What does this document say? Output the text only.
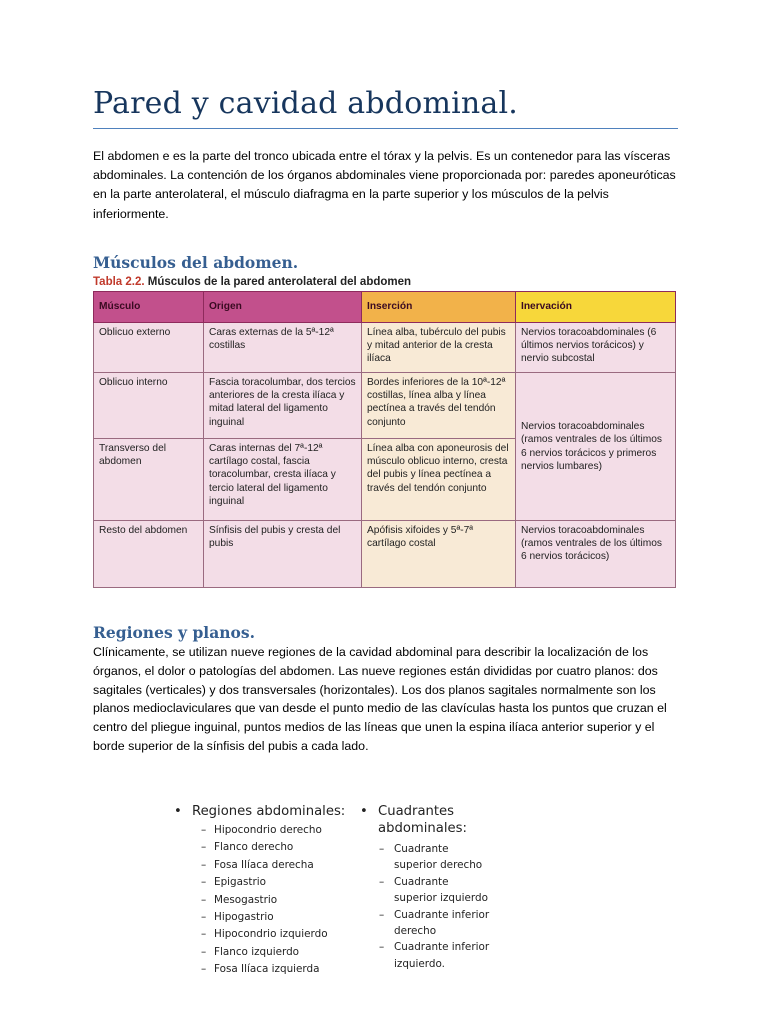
Pared y cavidad abdominal.

El abdomen e es la parte del tronco ubicada entre el tórax y la pelvis. Es un contenedor para las vísceras abdominales. La contención de los órganos abdominales viene proporcionada por: paredes aponeuróticas en la parte anterolateral, el músculo diafragma en la parte superior y los músculos de la pelvis inferiormente.

Músculos del abdomen.
Tabla 2.2. Músculos de la pared anterolateral del abdomen
Músculo	Origen	Inserción	Inervación
Oblicuo externo	Caras externas de la 5ª-12ª costillas	Línea alba, tubérculo del pubis y mitad anterior de la cresta ilíaca	Nervios toracoabdominales (6 últimos nervios torácicos) y nervio subcostal
Oblicuo interno	Fascia toracolumbar, dos tercios anteriores de la cresta ilíaca y mitad lateral del ligamento inguinal	Bordes inferiores de la 10ª-12ª costillas, línea alba y línea pectínea a través del tendón conjunto	Nervios toracoabdominales (ramos ventrales de los últimos 6 nervios torácicos y primeros nervios lumbares)
Transverso del abdomen	Caras internas del 7ª-12ª cartílago costal, fascia toracolumbar, cresta ilíaca y tercio lateral del ligamento inguinal	Línea alba con aponeurosis del músculo oblicuo interno, cresta del pubis y línea pectínea a través del tendón conjunto	
Resto del abdomen	Sínfisis del pubis y cresta del pubis	Apófisis xifoides y 5ª-7ª cartílago costal	Nervios toracoabdominales (ramos ventrales de los últimos 6 nervios torácicos)
Regiones y planos.

Clínicamente, se utilizan nueve regiones de la cavidad abdominal para describir la localización de los órganos, el dolor o patologías del abdomen. Las nueve regiones están divididas por cuatro planos: dos sagitales (verticales) y dos transversales (horizontales). Los dos planos sagitales normalmente son los planos medioclaviculares que van desde el punto medio de las clavículas hasta los puntos que cruzan el centro del pliegue inguinal, puntos medios de las líneas que unen la espina ilíaca anterior superior y el borde superior de la sínfisis del pubis a cada lado.

• Regiones abdominales:
– Hipocondrio derecho
– Flanco derecho
– Fosa Ilíaca derecha
– Epigastrio
– Mesogastrio
– Hipogastrio
– Hipocondrio izquierdo
– Flanco izquierdo
– Fosa Ilíaca izquierda
• Cuadrantes abdominales:
– Cuadrante superior derecho
– Cuadrante superior izquierdo
– Cuadrante inferior derecho
– Cuadrante inferior izquierdo.
